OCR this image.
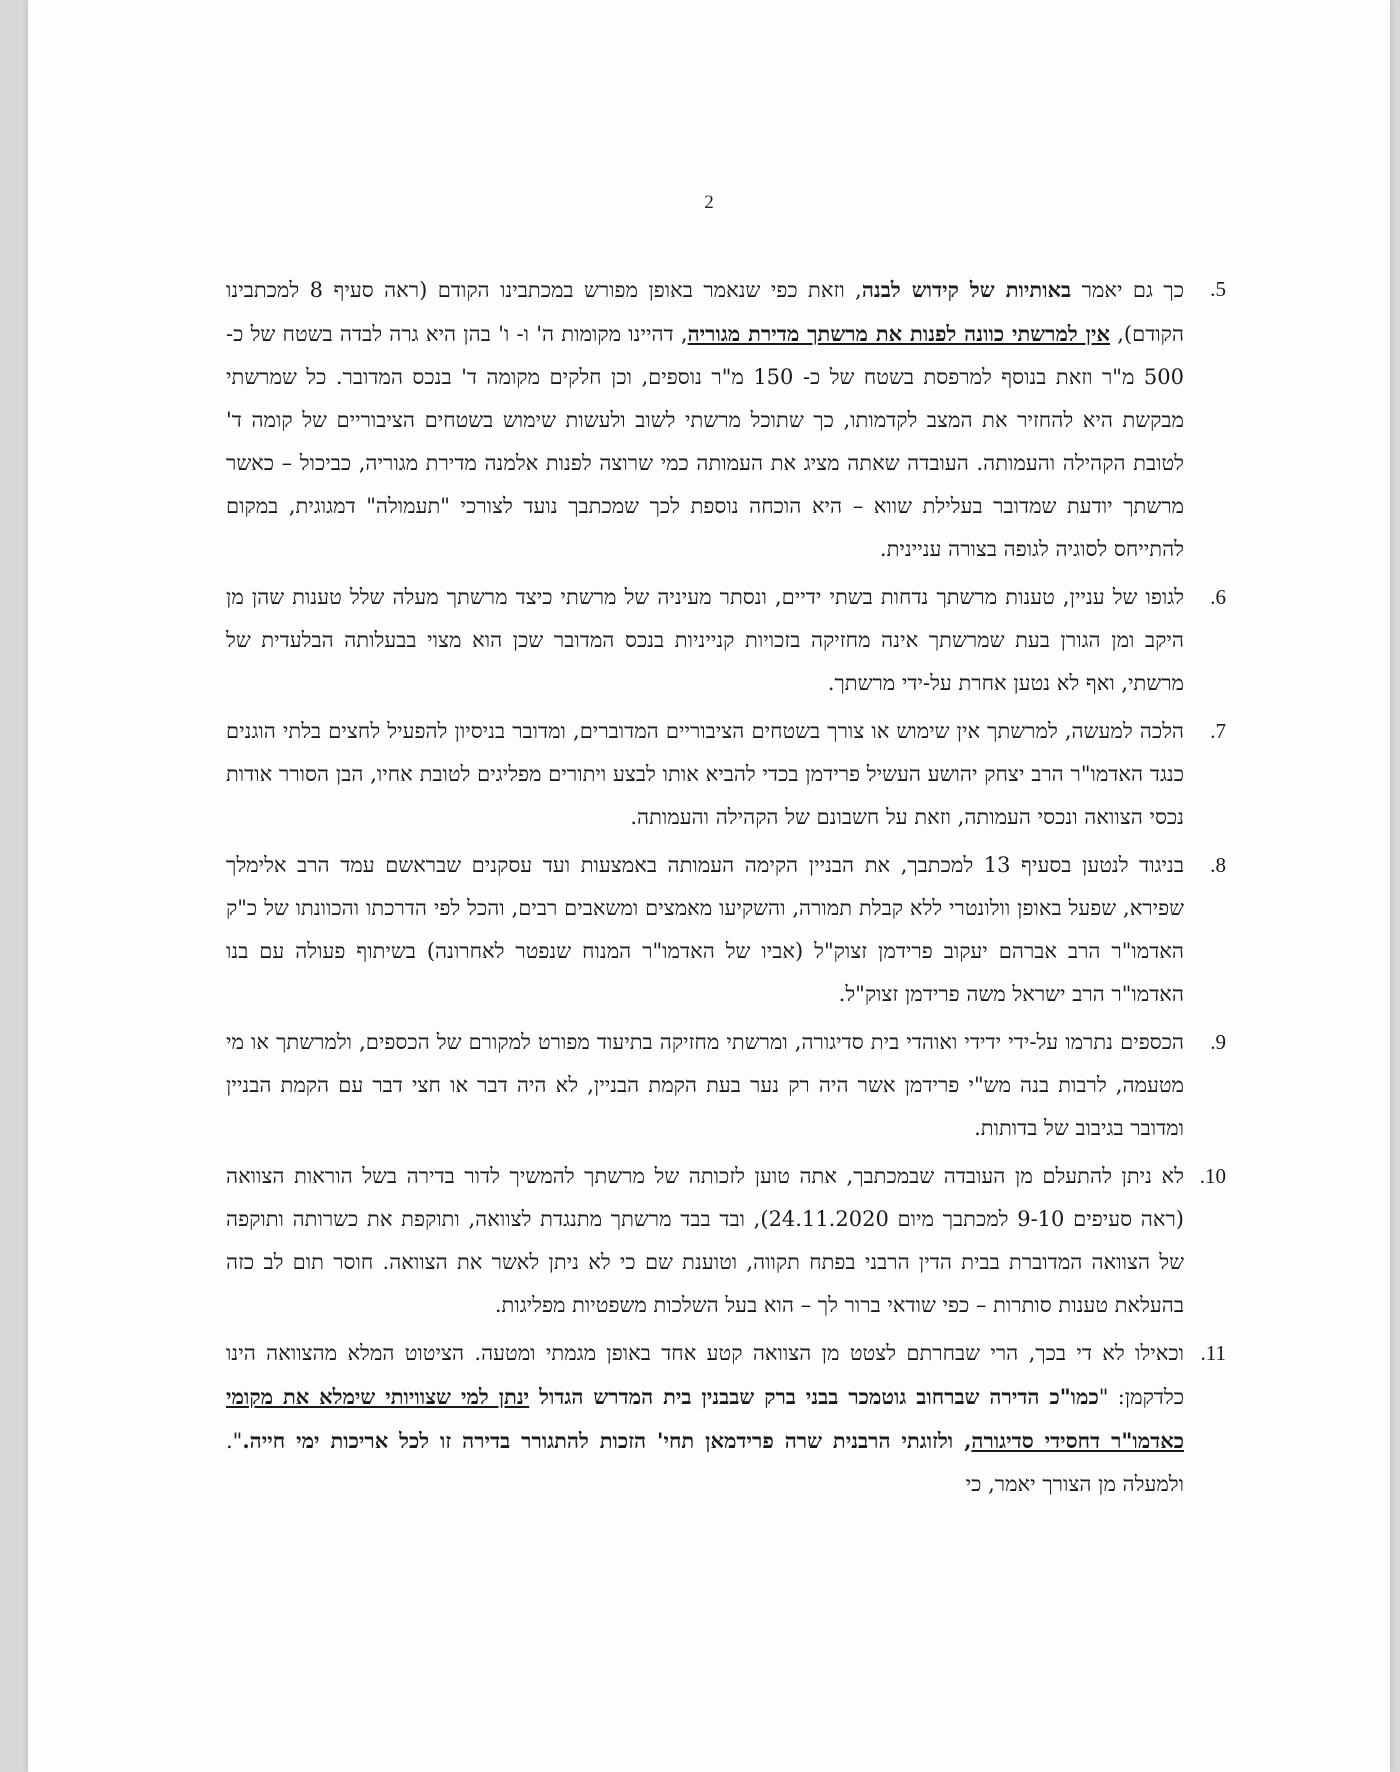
2
5.
כך גם יאמר באותיות של קידוש לבנה, וזאת כפי שנאמר באופן מפורש במכתבינו הקודם (ראה סעיף 8 למכתבינו הקודם), אין למרשתי כוונה לפנות את מרשתך מדירת מגוריה, דהיינו מקומות ה' ו- ו' בהן היא גרה לבדה בשטח של כ- 500 מ"ר וזאת בנוסף למרפסת בשטח של כ- 150 מ"ר נוספים, וכן חלקים מקומה ד' בנכס המדובר. כל שמרשתי מבקשת היא להחזיר את המצב לקדמותו, כך שתוכל מרשתי לשוב ולעשות שימוש בשטחים הציבוריים של קומה ד' לטובת הקהילה והעמותה. העובדה שאתה מציג את העמותה כמי שרוצה לפנות אלמנה מדירת מגוריה, כביכול – כאשר מרשתך יודעת שמדובר בעלילת שווא – היא הוכחה נוספת לכך שמכתבך נועד לצורכי "תעמולה" דמגוגית, במקום להתייחס לסוגיה לגופה בצורה עניינית.
6.
לגופו של עניין, טענות מרשתך נדחות בשתי ידיים, ונסתר מעיניה של מרשתי כיצד מרשתך מעלה שלל טענות שהן מן היקב ומן הגורן בעת שמרשתך אינה מחזיקה בזכויות קנייניות בנכס המדובר שכן הוא מצוי בבעלותה הבלעדית של מרשתי, ואף לא נטען אחרת על-ידי מרשתך.
7.
הלכה למעשה, למרשתך אין שימוש או צורך בשטחים הציבוריים המדוברים, ומדובר בניסיון להפעיל לחצים בלתי הוגנים כנגד האדמו"ר הרב יצחק יהושע העשיל פרידמן בכדי להביא אותו לבצע ויתורים מפליגים לטובת אחיו, הבן הסורר אודות נכסי הצוואה ונכסי העמותה, וזאת על חשבונם של הקהילה והעמותה.
8.
בניגוד לנטען בסעיף 13 למכתבך, את הבניין הקימה העמותה באמצעות ועד עסקנים שבראשם עמד הרב אלימלך שפירא, שפעל באופן וולונטרי ללא קבלת תמורה, והשקיעו מאמצים ומשאבים רבים, והכל לפי הדרכתו והכוונתו של כ"ק האדמו"ר הרב אברהם יעקוב פרידמן זצוק"ל (אביו של האדמו"ר המנוח שנפטר לאחרונה) בשיתוף פעולה עם בנו האדמו"ר הרב ישראל משה פרידמן זצוק"ל.
9.
הכספים נתרמו על-ידי ידידי ואוהדי בית סדיגורה, ומרשתי מחזיקה בתיעוד מפורט למקורם של הכספים, ולמרשתך או מי מטעמה, לרבות בנה מש"י פרידמן אשר היה רק נער בעת הקמת הבניין, לא היה דבר או חצי דבר עם הקמת הבניין ומדובר בגיבוב של בדותות.
10.
לא ניתן להתעלם מן העובדה שבמכתבך, אתה טוען לזכותה של מרשתך להמשיך לדור בדירה בשל הוראות הצוואה (ראה סעיפים 9-10 למכתבך מיום 24.11.2020), ובד בבד מרשתך מתנגדת לצוואה, ותוקפת את כשרותה ותוקפה של הצוואה המדוברת בבית הדין הרבני בפתח תקווה, וטוענת שם כי לא ניתן לאשר את הצוואה. חוסר תום לב כזה בהעלאת טענות סותרות – כפי שודאי ברור לך – הוא בעל השלכות משפטיות מפליגות.
11.
וכאילו לא די בכך, הרי שבחרתם לצטט מן הצוואה קטע אחד באופן מגמתי ומטעה. הציטוט המלא מהצוואה הינו כלדקמן: "כמו"כ הדירה שברחוב גוטמכר בבני ברק שבבנין בית המדרש הגדול ינתן למי שצוויותי שימלא את מקומי כאדמו"ר דחסידי סדיגורה, ולזוגתי הרבנית שרה פרידמאן תחי' הזכות להתגורר בדירה זו לכל אריכות ימי חייה.". ולמעלה מן הצורך יאמר, כי
